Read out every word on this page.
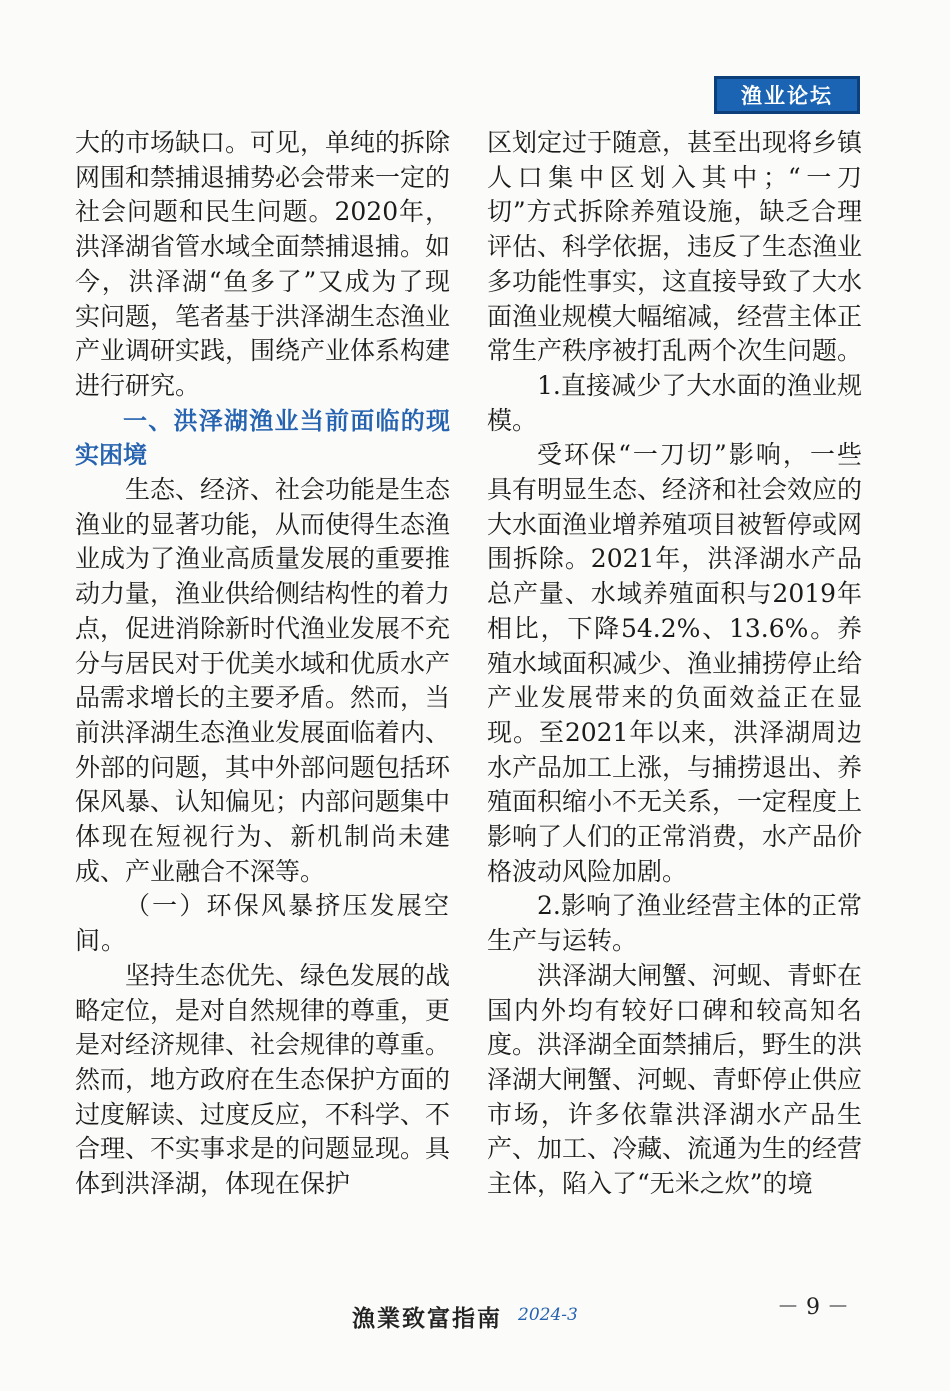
渔业论坛

大的市场缺口。可见，单纯的拆除网围和禁捕退捕势必会带来一定的社会问题和民生问题。2020年，洪泽湖省管水域全面禁捕退捕。如今，洪泽湖“鱼多了”又成为了现实问题，笔者基于洪泽湖生态渔业产业调研实践，围绕产业体系构建进行研究。

一、洪泽湖渔业当前面临的现实困境

生态、经济、社会功能是生态渔业的显著功能，从而使得生态渔业成为了渔业高质量发展的重要推动力量，渔业供给侧结构性的着力点，促进消除新时代渔业发展不充分与居民对于优美水域和优质水产品需求增长的主要矛盾。然而，当前洪泽湖生态渔业发展面临着内、外部的问题，其中外部问题包括环保风暴、认知偏见；内部问题集中体现在短视行为、新机制尚未建成、产业融合不深等。

（一）环保风暴挤压发展空间。

坚持生态优先、绿色发展的战略定位，是对自然规律的尊重，更是对经济规律、社会规律的尊重。然而，地方政府在生态保护方面的过度解读、过度反应，不科学、不合理、不实事求是的问题显现。具体到洪泽湖，体现在保护

区划定过于随意，甚至出现将乡镇人口集中区划入其中；“一刀切”方式拆除养殖设施，缺乏合理评估、科学依据，违反了生态渔业多功能性事实，这直接导致了大水面渔业规模大幅缩减，经营主体正常生产秩序被打乱两个次生问题。

1.直接减少了大水面的渔业规模。

受环保“一刀切”影响，一些具有明显生态、经济和社会效应的大水面渔业增养殖项目被暂停或网围拆除。2021年，洪泽湖水产品总产量、水域养殖面积与2019年相比，下降54.2%、13.6%。养殖水域面积减少、渔业捕捞停止给产业发展带来的负面效益正在显现。至2021年以来，洪泽湖周边水产品加工上涨，与捕捞退出、养殖面积缩小不无关系，一定程度上影响了人们的正常消费，水产品价格波动风险加剧。

2.影响了渔业经营主体的正常生产与运转。

洪泽湖大闸蟹、河蚬、青虾在国内外均有较好口碑和较高知名度。洪泽湖全面禁捕后，野生的洪泽湖大闸蟹、河蚬、青虾停止供应市场，许多依靠洪泽湖水产品生产、加工、冷藏、流通为生的经营主体，陷入了“无米之炊”的境

漁業致富指南 2024-3	－ 9 －
